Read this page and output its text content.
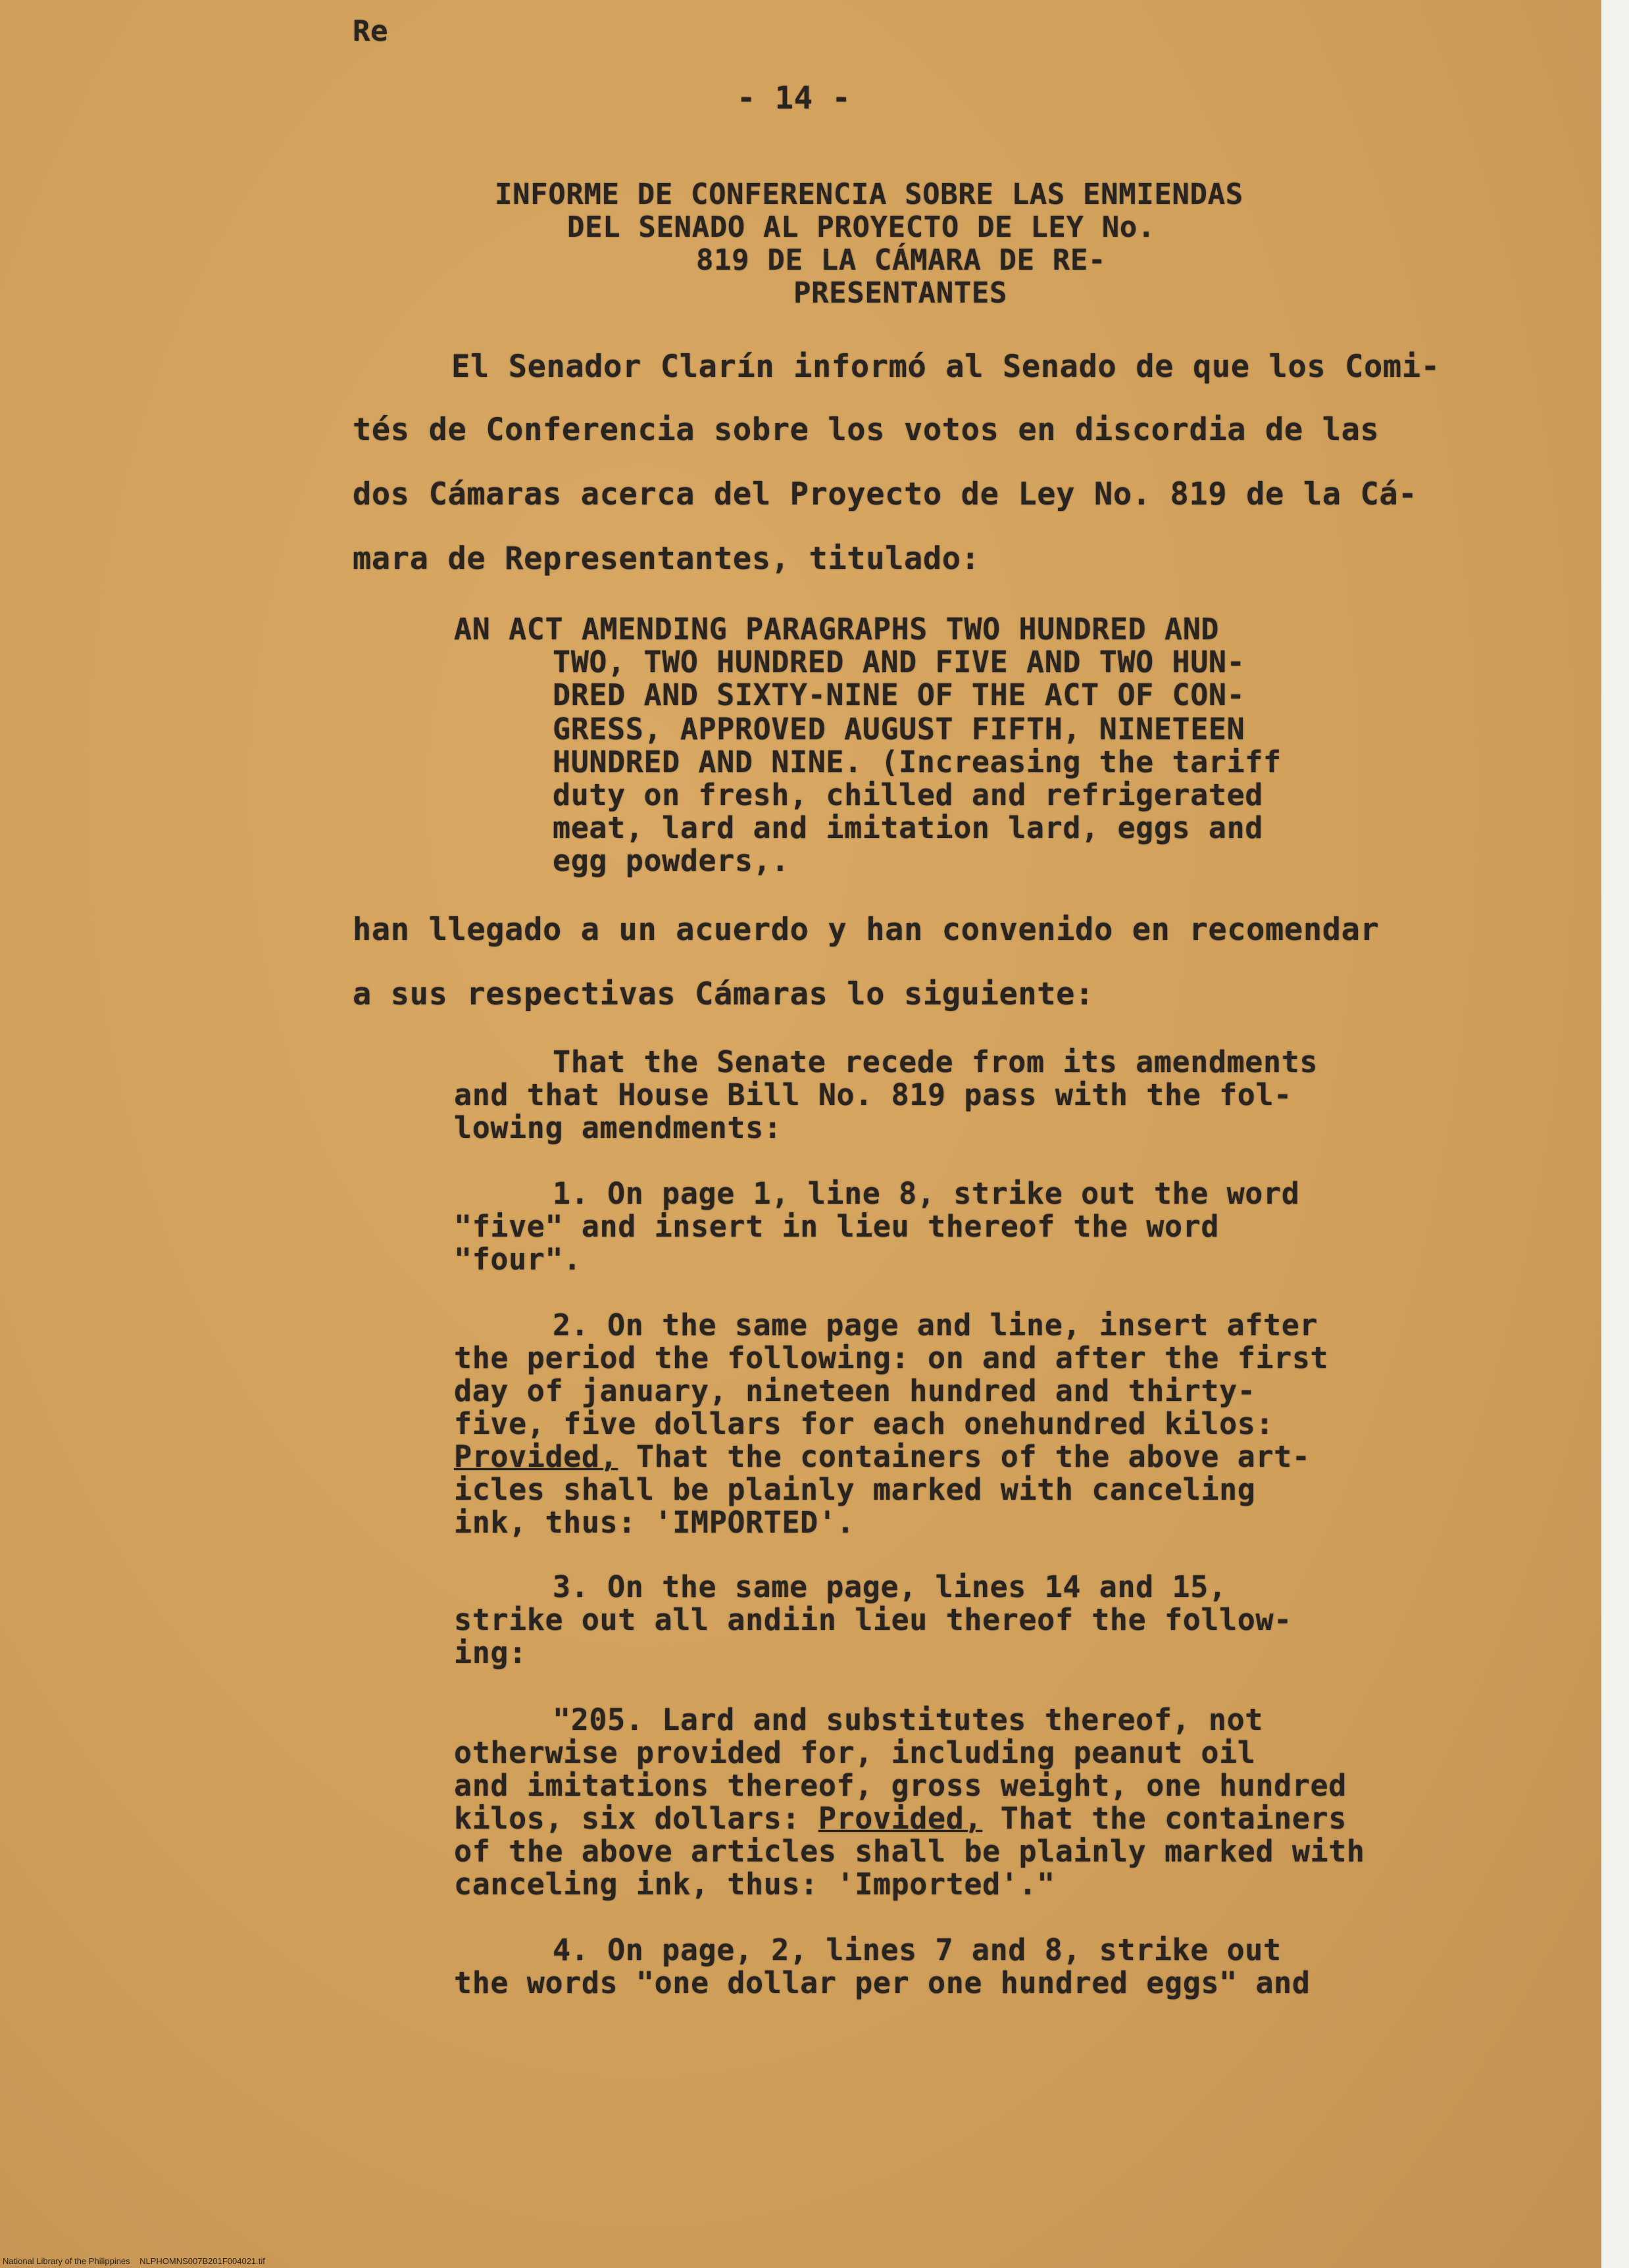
Re
- 14 -
INFORME DE CONFERENCIA SOBRE LAS ENMIENDAS
DEL SENADO AL PROYECTO DE LEY No.
819 DE LA CÁMARA DE RE-
PRESENTANTES
El Senador Clarín informó al Senado de que los Comi-
tés de Conferencia sobre los votos en discordia de las
dos Cámaras acerca del Proyecto de Ley No. 819 de la Cá-
mara de Representantes, titulado:
AN ACT AMENDING PARAGRAPHS TWO HUNDRED AND
TWO, TWO HUNDRED AND FIVE AND TWO HUN-
DRED AND SIXTY-NINE OF THE ACT OF CON-
GRESS, APPROVED AUGUST FIFTH, NINETEEN
HUNDRED AND NINE. (Increasing the tariff
duty on fresh, chilled and refrigerated
meat, lard and imitation lard, eggs and
egg powders,.
han llegado a un acuerdo y han convenido en recomendar
a sus respectivas Cámaras lo siguiente:
That the Senate recede from its amendments
and that House Bill No. 819 pass with the fol-
lowing amendments:
1. On page 1, line 8, strike out the word
"five" and insert in lieu thereof the word
"four".
2. On the same page and line, insert after
the period the following: on and after the first
day of january, nineteen hundred and thirty-
five, five dollars for each onehundred kilos:
Provided, That the containers of the above art-
icles shall be plainly marked with canceling
ink, thus: 'IMPORTED'.
3. On the same page, lines 14 and 15,
strike out all andiin lieu thereof the follow-
ing:
"205. Lard and substitutes thereof, not
otherwise provided for, including peanut oil
and imitations thereof, gross weight, one hundred
kilos, six dollars: Provided, That the containers
of the above articles shall be plainly marked with
canceling ink, thus: 'Imported'."
4. On page, 2, lines 7 and 8, strike out
the words "one dollar per one hundred eggs" and
National Library of the Philippines    NLPHOMNS007B201F004021.tif
